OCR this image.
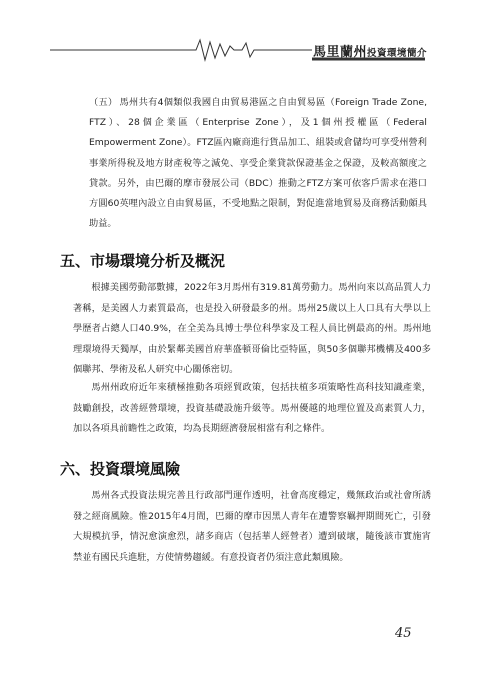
馬里蘭州投資環境簡介
（五） 馬州共有4個類似我國自由貿易港區之自由貿易區（Foreign Trade Zone, FTZ）、28個企業區（Enterprise Zone），及1個州授權區（Federal Empowerment Zone）。FTZ區內廠商進行貨品加工、組裝或倉儲均可享受州營利事業所得稅及地方財產稅等之減免、享受企業貸款保證基金之保證，及較高額度之貸款。另外，由巴爾的摩市發展公司（BDC）推動之FTZ方案可依客戶需求在港口方圓60英哩內設立自由貿易區，不受地點之限制，對促進當地貿易及商務活動頗具助益。
五、市場環境分析及概況
根據美國勞動部數據，2022年3月馬州有319.81萬勞動力。馬州向來以高品質人力著稱，是美國人力素質最高，也是投入研發最多的州。馬州25歲以上人口具有大學以上學歷者占總人口40.9%，在全美為具博士學位科學家及工程人員比例最高的州。馬州地理環境得天獨厚，由於緊鄰美國首府華盛頓哥倫比亞特區，與50多個聯邦機構及400多個聯邦、學術及私人研究中心關係密切。
馬州州政府近年來積極推動各項經貿政策，包括扶植多項策略性高科技知識產業，鼓勵創投，改善經營環境，投資基礎設施升級等。馬州優越的地理位置及高素質人力，加以各項具前瞻性之政策，均為長期經濟發展相當有利之條件。
六、投資環境風險
馬州各式投資法規完善且行政部門運作透明，社會高度穩定，幾無政治或社會所誘發之經商風險。惟2015年4月間，巴爾的摩市因黑人青年在遭警察羈押期間死亡，引發大規模抗爭，情況愈演愈烈，諸多商店（包括華人經營者）遭到破壞，隨後該市實施宵禁並有國民兵進駐，方使情勢趨緩。有意投資者仍須注意此類風險。
45
